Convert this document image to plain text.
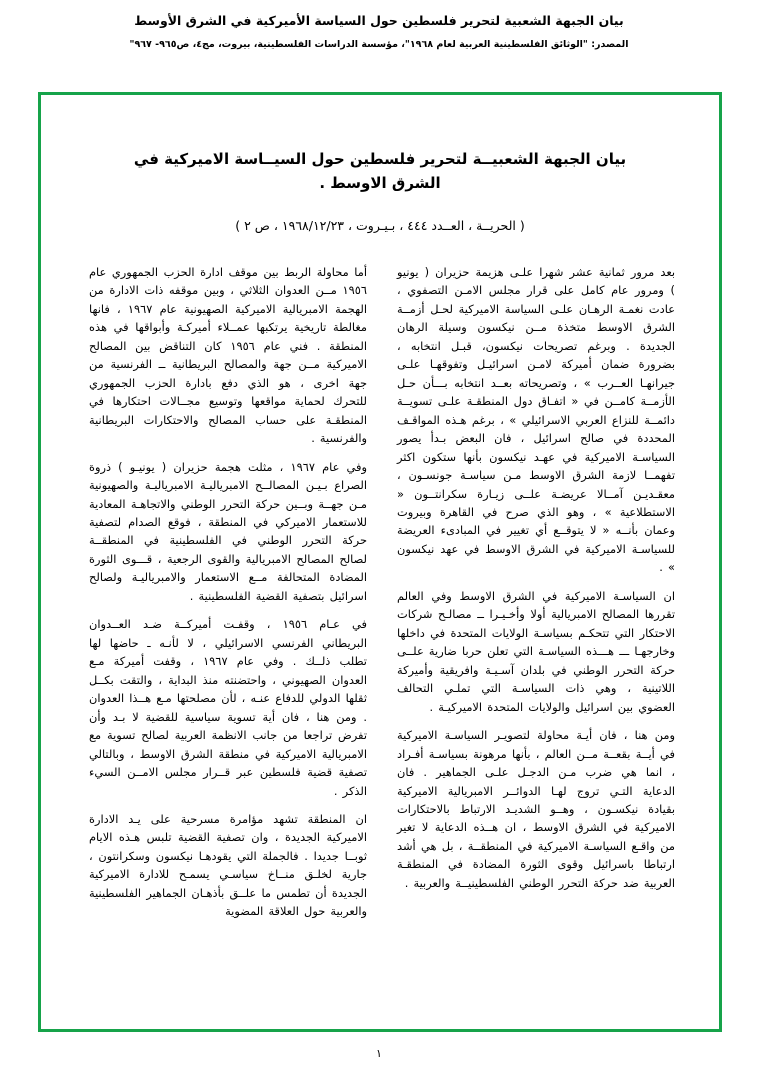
بيان الجبهة الشعبية لتحرير فلسطين حول السياسة الأميركية في الشرق الأوسط
المصدر: "الوثائق الفلسطينية العربية لعام ١٩٦٨"، مؤسسة الدراسات الفلسطينية، بيروت، مج٤، ص٩٦٥- ٩٦٧"
بيان الجبهة الشعبيــة لتحرير فلسطين حول السيــاسة الاميركية في الشرق الاوسط .
( الحريــة ، العــدد ٤٤٤ ، بـيـروت ، ١٩٦٨/١٢/٢٣ ، ص ٢ )

بعد مرور ثمانية عشر شهرا علـى هزيمة حزيران ( يونيو ) ومرور عام كامل على قرار مجلس الامـن التصفوي ، عادت نغمـة الرهـان علـى السياسة الاميركية لحـل أزمــة الشرق الاوسط متخذة مــن نيكسون وسيلة الرهان الجديدة . وبرغم تصريحات نيكسون، قبـل انتخابه ، بضرورة ضمان أميركة لامـن اسرائيـل وتفوقهـا علـى جيرانهـا العــرب » ، وتصريحاته بعــد انتخابه بـــأن حـل الأزمــة كامــن في « اتفـاق دول المنطقـة علـى تسويــة دائمــة للنزاع العربي الاسرائيلي » ، برغم هـذه المواقـف المحددة في صالح اسرائيل ، فان البعض بـدأ يصور السياسـة الاميركية في عهـد نيكسون بأنها ستكون اكثر تفهمــا لازمة الشرق الاوسط مـن سياسـة جونسـون ، معقـديـن آمــالا عريضـة علــى زيـارة سكرانتــون « الاستطلاعية » ، وهو الذي صرح في القاهرة وبيروت وعمان بأنــه « لا يتوقــع أي تغيير في المبادىء العريضة للسياسـة الاميركية في الشرق الاوسط في عهد نيكسون » .

ان السياسـة الاميركية في الشرق الاوسط وفي العالم تقررها المصالح الامبريالية أولا وأخـيـرا ــ مصالـح شركات الاحتكار التي تتحكـم بسياسـة الولايات المتحدة في داخلها وخارجهـا ـــ هـــذه السياسـة التي تعلن حربا ضارية علــى حركة التحرر الوطني في بلدان آسـيـة وافريقية وأميركة اللاتينية ، وهي ذات السياسـة التي تملـي التحالف العضوي بين اسرائيل والولايات المتحدة الاميركيـة .

ومن هنا ، فان أيـة محاولة لتصويـر السياسـة الاميركية في أيــة بقعــة مــن العالم ، بأنها مرهونة بسياسـة أفـراد ، انما هي ضرب مـن الدجـل علـى الجماهير . فان الدعاية التـي تروج لهـا الدوائــر الامبريالية الاميركية بقيادة نيكسـون ، وهــو الشديـد الارتباط بالاحتكارات الاميركية في الشرق الاوسط ، ان هــذه الدعاية لا تغير من واقـع السياسـة الاميركية في المنطقــة ، بل هي أشد ارتباطا باسرائيل وقوى الثورة المضادة في المنطقـة العربية ضد حركة التحرر الوطني الفلسطينيــة والعربية .

أما محاولة الربط بين موقف ادارة الحزب الجمهوري عام ١٩٥٦ مــن العدوان الثلاثي ، وبين موقفه ذات الادارة من الهجمة الامبريالية الاميركية الصهيونية عام ١٩٦٧ ، فانها مغالطة تاريخية يرتكبها عمــلاء أميركـة وأبواقها في هذه المنطقة . فني عام ١٩٥٦ كان التناقض بين المصالح الاميركية مــن جهة والمصالح البريطانية ــ الفرنسية من جهة اخرى ، هو الذي دفع بادارة الحزب الجمهوري للتحرك لحماية مواقعها وتوسيع مجــالات احتكارها في المنطقـة على حساب المصالح والاحتكارات البريطانية والفرنسية .

وفي عام ١٩٦٧ ، مثلت هجمة حزيران ( يونيـو ) ذروة الصراع بـيـن المصالــح الامبرياليـة الامبرياليـة والصهيونية مـن جهــة وبــين حركة التحرر الوطني والاتجاهـة المعادية للاستعمار الاميركي في المنطقة ، فوقع الصدام لتصفية حركة التحرر الوطني في الفلسطينية في المنطقــة لصالح المصالح الامبريالية والقوى الرجعية ، قـــوى الثورة المضادة المتحالفة مــع الاستعمار والامبرياليـة ولصالح اسرائيل بتصفية القضية الفلسطينية .

في عـام ١٩٥٦ ، وقفـت أميركــة ضـد العــدوان البريطاني الفرنسي الاسرائيلي ، لا لأنـه ـ حاضها لها تطلب ذلــك . وفي عام ١٩٦٧ ، وقفت أميركة مـع العدوان الصهيوني ، واحتضنته منذ البداية ، والتقت بكــل ثقلها الدولي للدفاع عنـه ، لأن مصلحتها مـع هــذا العدوان . ومن هنا ، فان أية تسوية سياسية للقضية لا بـد وأن تفرض تراجعا من جانب الانظمة العربية لصالح تسوية مع الامبريالية الاميركية في منطقة الشرق الاوسط ، وبالتالي تصفية قضية فلسطين عبر قــرار مجلس الامــن السيء الذكر .

ان المنطقة تشهد مؤامرة مسرحية على يـد الادارة الاميركية الجديدة ، وان تصفية القضية تلبس هـذه الايام ثوبــا جديدا . فالجملة التي يقودهـا نيكسون وسكرانتون ، جارية لخلـق منــاخ سياسـي يسمـح للادارة الاميركية الجديدة أن تطمس ما علــق بأذهـان الجماهير الفلسطينية والعربية حول العلاقة المضوية

١
